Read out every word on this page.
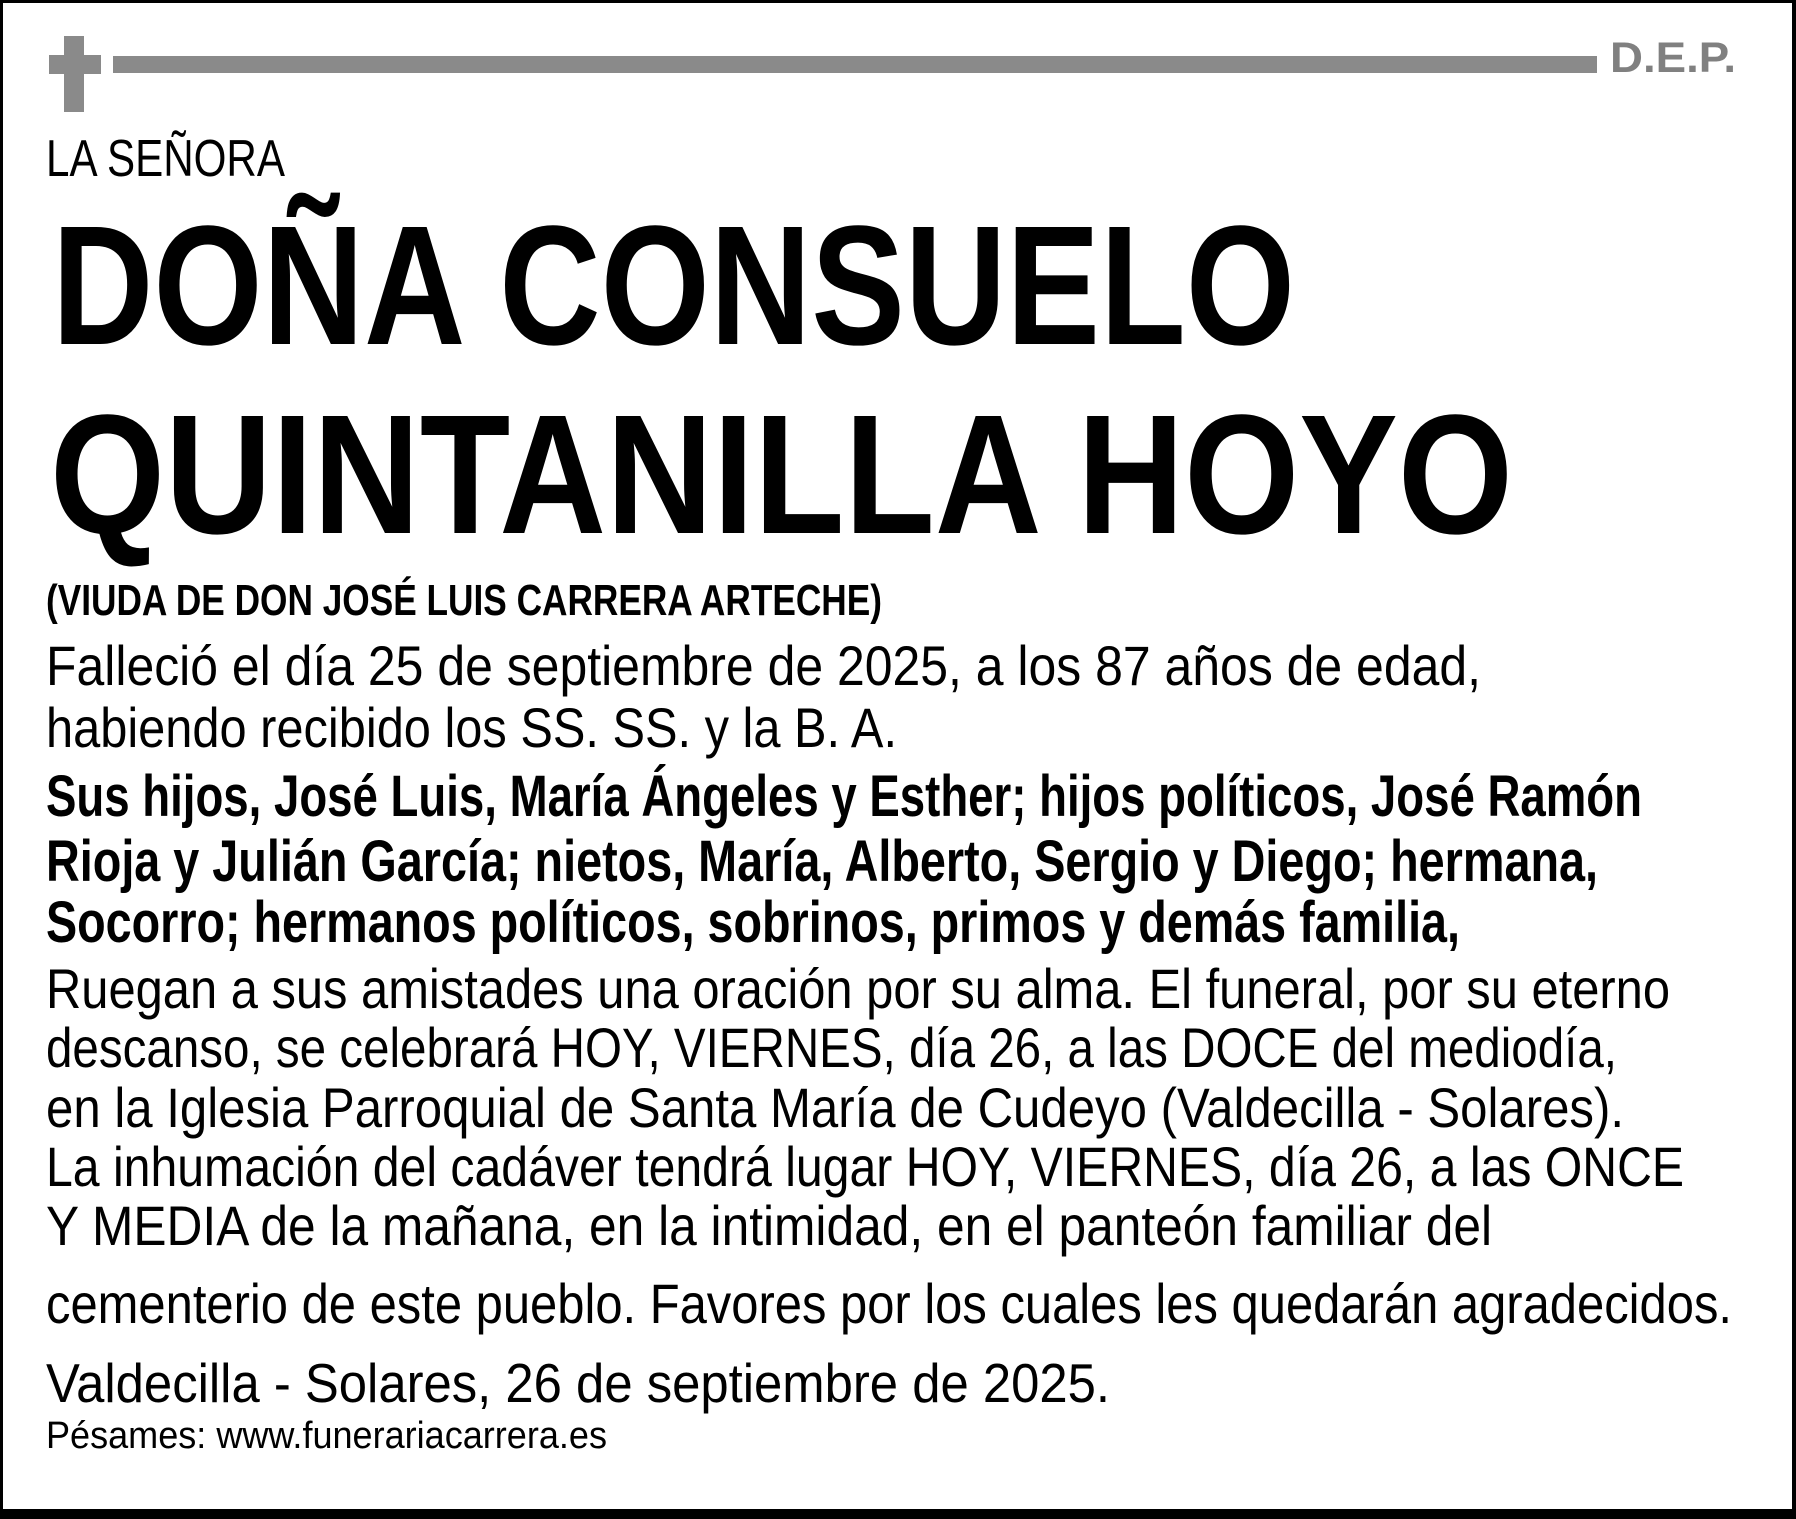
D.E.P.
LA SEÑORA
DOÑA CONSUELO
QUINTANILLA HOYO
(VIUDA DE DON JOSÉ LUIS CARRERA ARTECHE)
Falleció el día 25 de septiembre de 2025, a los 87 años de edad,
habiendo recibido los SS. SS. y la B. A.
Sus hijos, José Luis, María Ángeles y Esther; hijos políticos, José Ramón
Rioja y Julián García; nietos, María, Alberto, Sergio y Diego; hermana,
Socorro; hermanos políticos, sobrinos, primos y demás familia,
Ruegan a sus amistades una oración por su alma. El funeral, por su eterno
descanso, se celebrará HOY, VIERNES, día 26, a las DOCE del mediodía,
en la Iglesia Parroquial de Santa María de Cudeyo (Valdecilla - Solares).
La inhumación del cadáver tendrá lugar HOY, VIERNES, día 26, a las ONCE
Y MEDIA de la mañana, en la intimidad, en el panteón familiar del
cementerio de este pueblo. Favores por los cuales les quedarán agradecidos.
Valdecilla - Solares, 26 de septiembre de 2025.
Pésames: www.funerariacarrera.es
